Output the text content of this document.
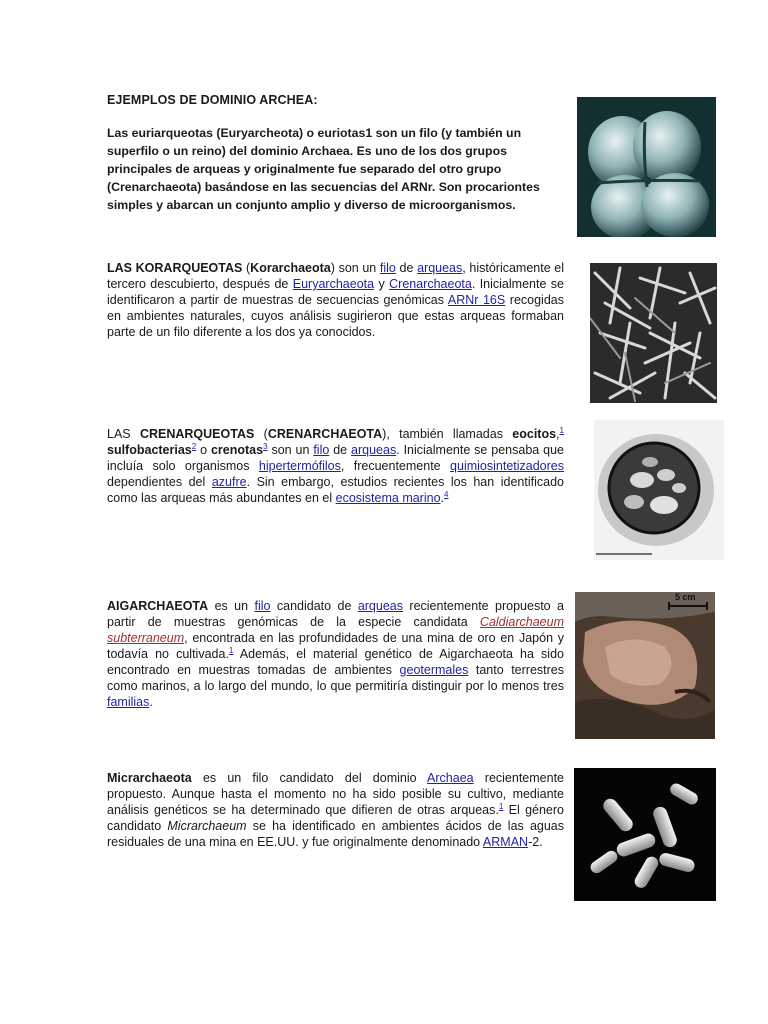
EJEMPLOS DE DOMINIO ARCHEA:
Las euriarqueotas (Euryarcheota) o euriotas1 son un filo (y también un superfilo o un reino) del dominio Archaea. Es uno de los dos grupos principales de arqueas y originalmente fue separado del otro grupo (Crenarchaeota) basándose en las secuencias del ARNr. Son procariontes simples y abarcan un conjunto amplio y diverso de microorganismos.
LAS KORARQUEOTAS (Korarchaeota) son un filo de arqueas, históricamente el tercero descubierto, después de Euryarchaeota y Crenarchaeota. Inicialmente se identificaron a partir de muestras de secuencias genómicas ARNr 16S recogidas en ambientes naturales, cuyos análisis sugirieron que estas arqueas formaban parte de un filo diferente a los dos ya conocidos.
LAS CRENARQUEOTAS (CRENARCHAEOTA), también llamadas eocitos,$^1$ sulfobacterias$^2$ o crenotas$^3$ son un filo de arqueas. Inicialmente se pensaba que incluía solo organismos hipertermófilos, frecuentemente quimiosintetizadores dependientes del azufre. Sin embargo, estudios recientes los han identificado como las arqueas más abundantes en el ecosistema marino.$^4$
AIGARCHAEOTA es un filo candidato de arqueas recientemente propuesto a partir de muestras genómicas de la especie candidata Caldiarchaeum subterraneum, encontrada en las profundidades de una mina de oro en Japón y todavía no cultivada.$^1$ Además, el material genético de Aigarchaeota ha sido encontrado en muestras tomadas de ambientes geotermales tanto terrestres como marinos, a lo largo del mundo, lo que permitiría distinguir por lo menos tres familias.
5 cm
Micrarchaeota es un filo candidato del dominio Archaea recientemente propuesto. Aunque hasta el momento no ha sido posible su cultivo, mediante análisis genéticos se ha determinado que difieren de otras arqueas.$^1$ El género candidato Micrarchaeum se ha identificado en ambientes ácidos de las aguas residuales de una mina en EE.UU. y fue originalmente denominado ARMAN-2.
